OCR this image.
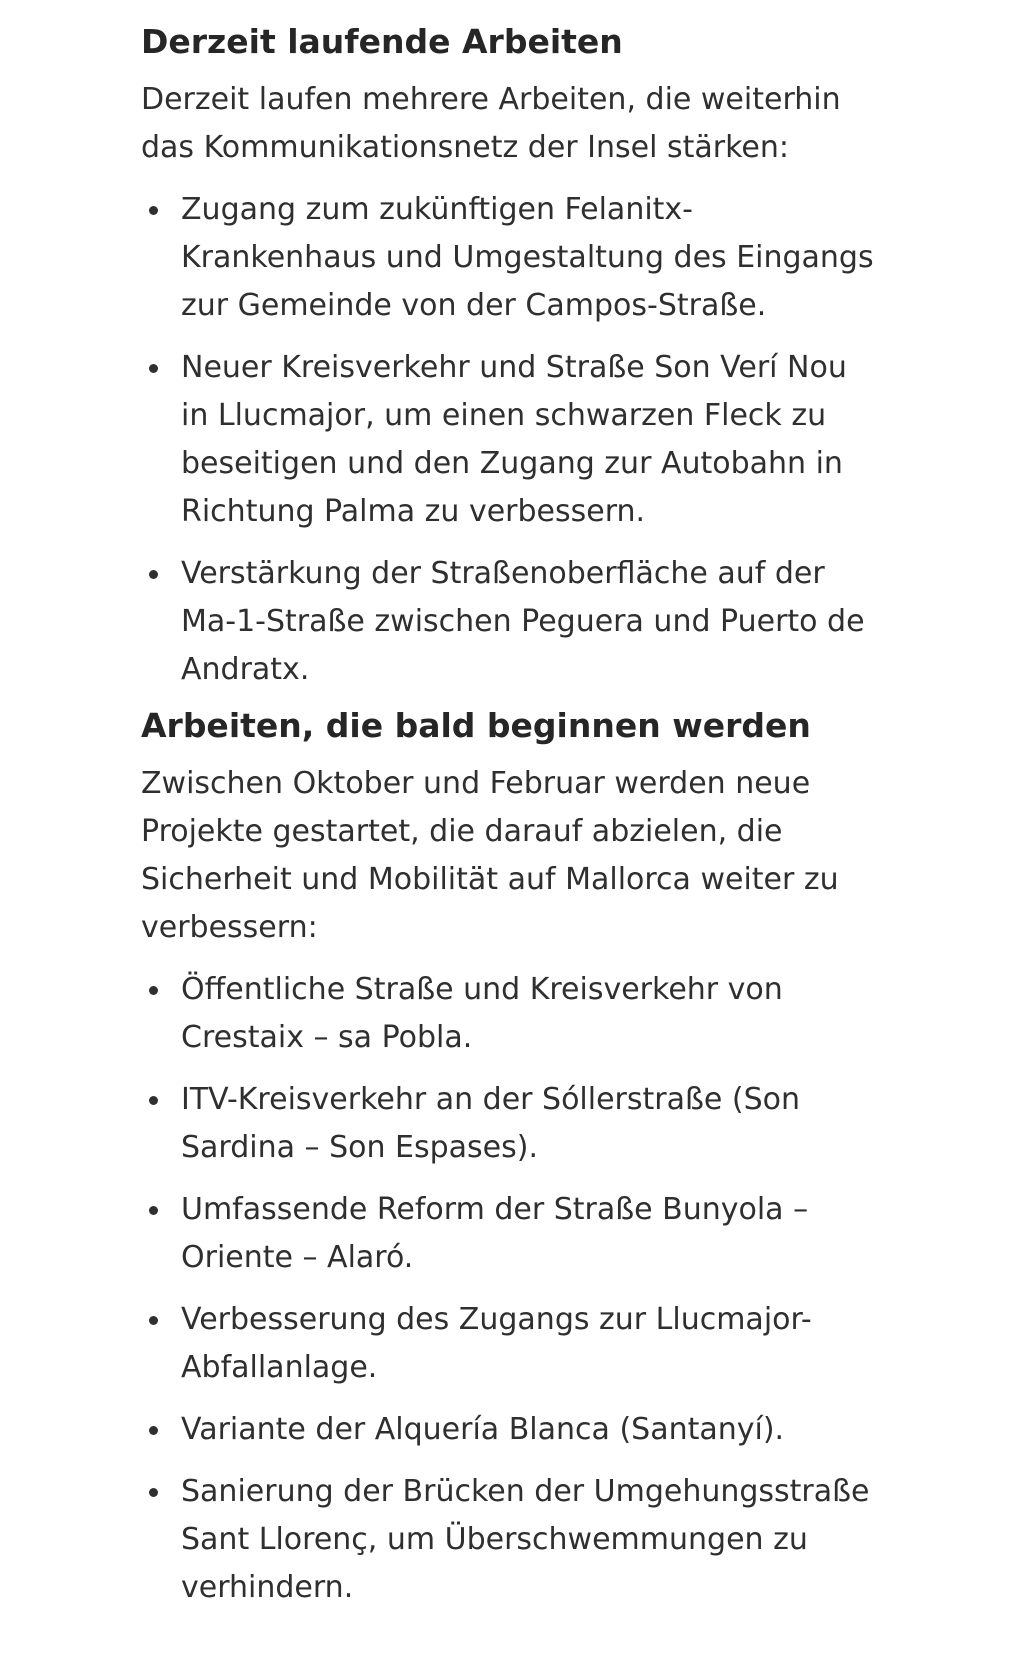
Derzeit laufende Arbeiten

Derzeit laufen mehrere Arbeiten, die weiterhin das Kommunikationsnetz der Insel stärken:

Zugang zum zukünftigen Felanitx-Krankenhaus und Umgestaltung des Eingangs zur Gemeinde von der Campos-Straße.
Neuer Kreisverkehr und Straße Son Verí Nou in Llucmajor, um einen schwarzen Fleck zu beseitigen und den Zugang zur Autobahn in Richtung Palma zu verbessern.
Verstärkung der Straßenoberfläche auf der Ma-1-Straße zwischen Peguera und Puerto de Andratx.
Arbeiten, die bald beginnen werden

Zwischen Oktober und Februar werden neue Projekte gestartet, die darauf abzielen, die Sicherheit und Mobilität auf Mallorca weiter zu verbessern:

Öffentliche Straße und Kreisverkehr von Crestaix – sa Pobla.
ITV-Kreisverkehr an der Sóllerstraße (Son Sardina – Son Espases).
Umfassende Reform der Straße Bunyola – Oriente – Alaró.
Verbesserung des Zugangs zur Llucmajor-Abfallanlage.
Variante der Alquería Blanca (Santanyí).
Sanierung der Brücken der Umgehungsstraße Sant Llorenç, um Überschwemmungen zu verhindern.
